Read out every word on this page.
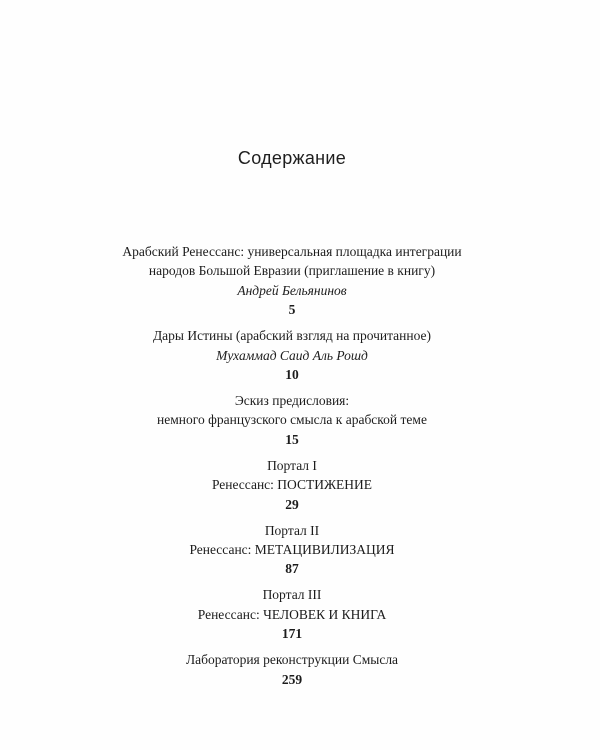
Содержание
Арабский Ренессанс: универсальная площадка интеграции
народов Большой Евразии (приглашение в книгу)
Андрей Бельянинов
5
Дары Истины (арабский взгляд на прочитанное)
Мухаммад Саид Аль Рошд
10
Эскиз предисловия:
немного французского смысла к арабской теме
15
Портал I
Ренессанс: ПОСТИЖЕНИЕ
29
Портал II
Ренессанс: МЕТАЦИВИЛИЗАЦИЯ
87
Портал III
Ренессанс: ЧЕЛОВЕК И КНИГА
171
Лаборатория реконструкции Смысла
259
